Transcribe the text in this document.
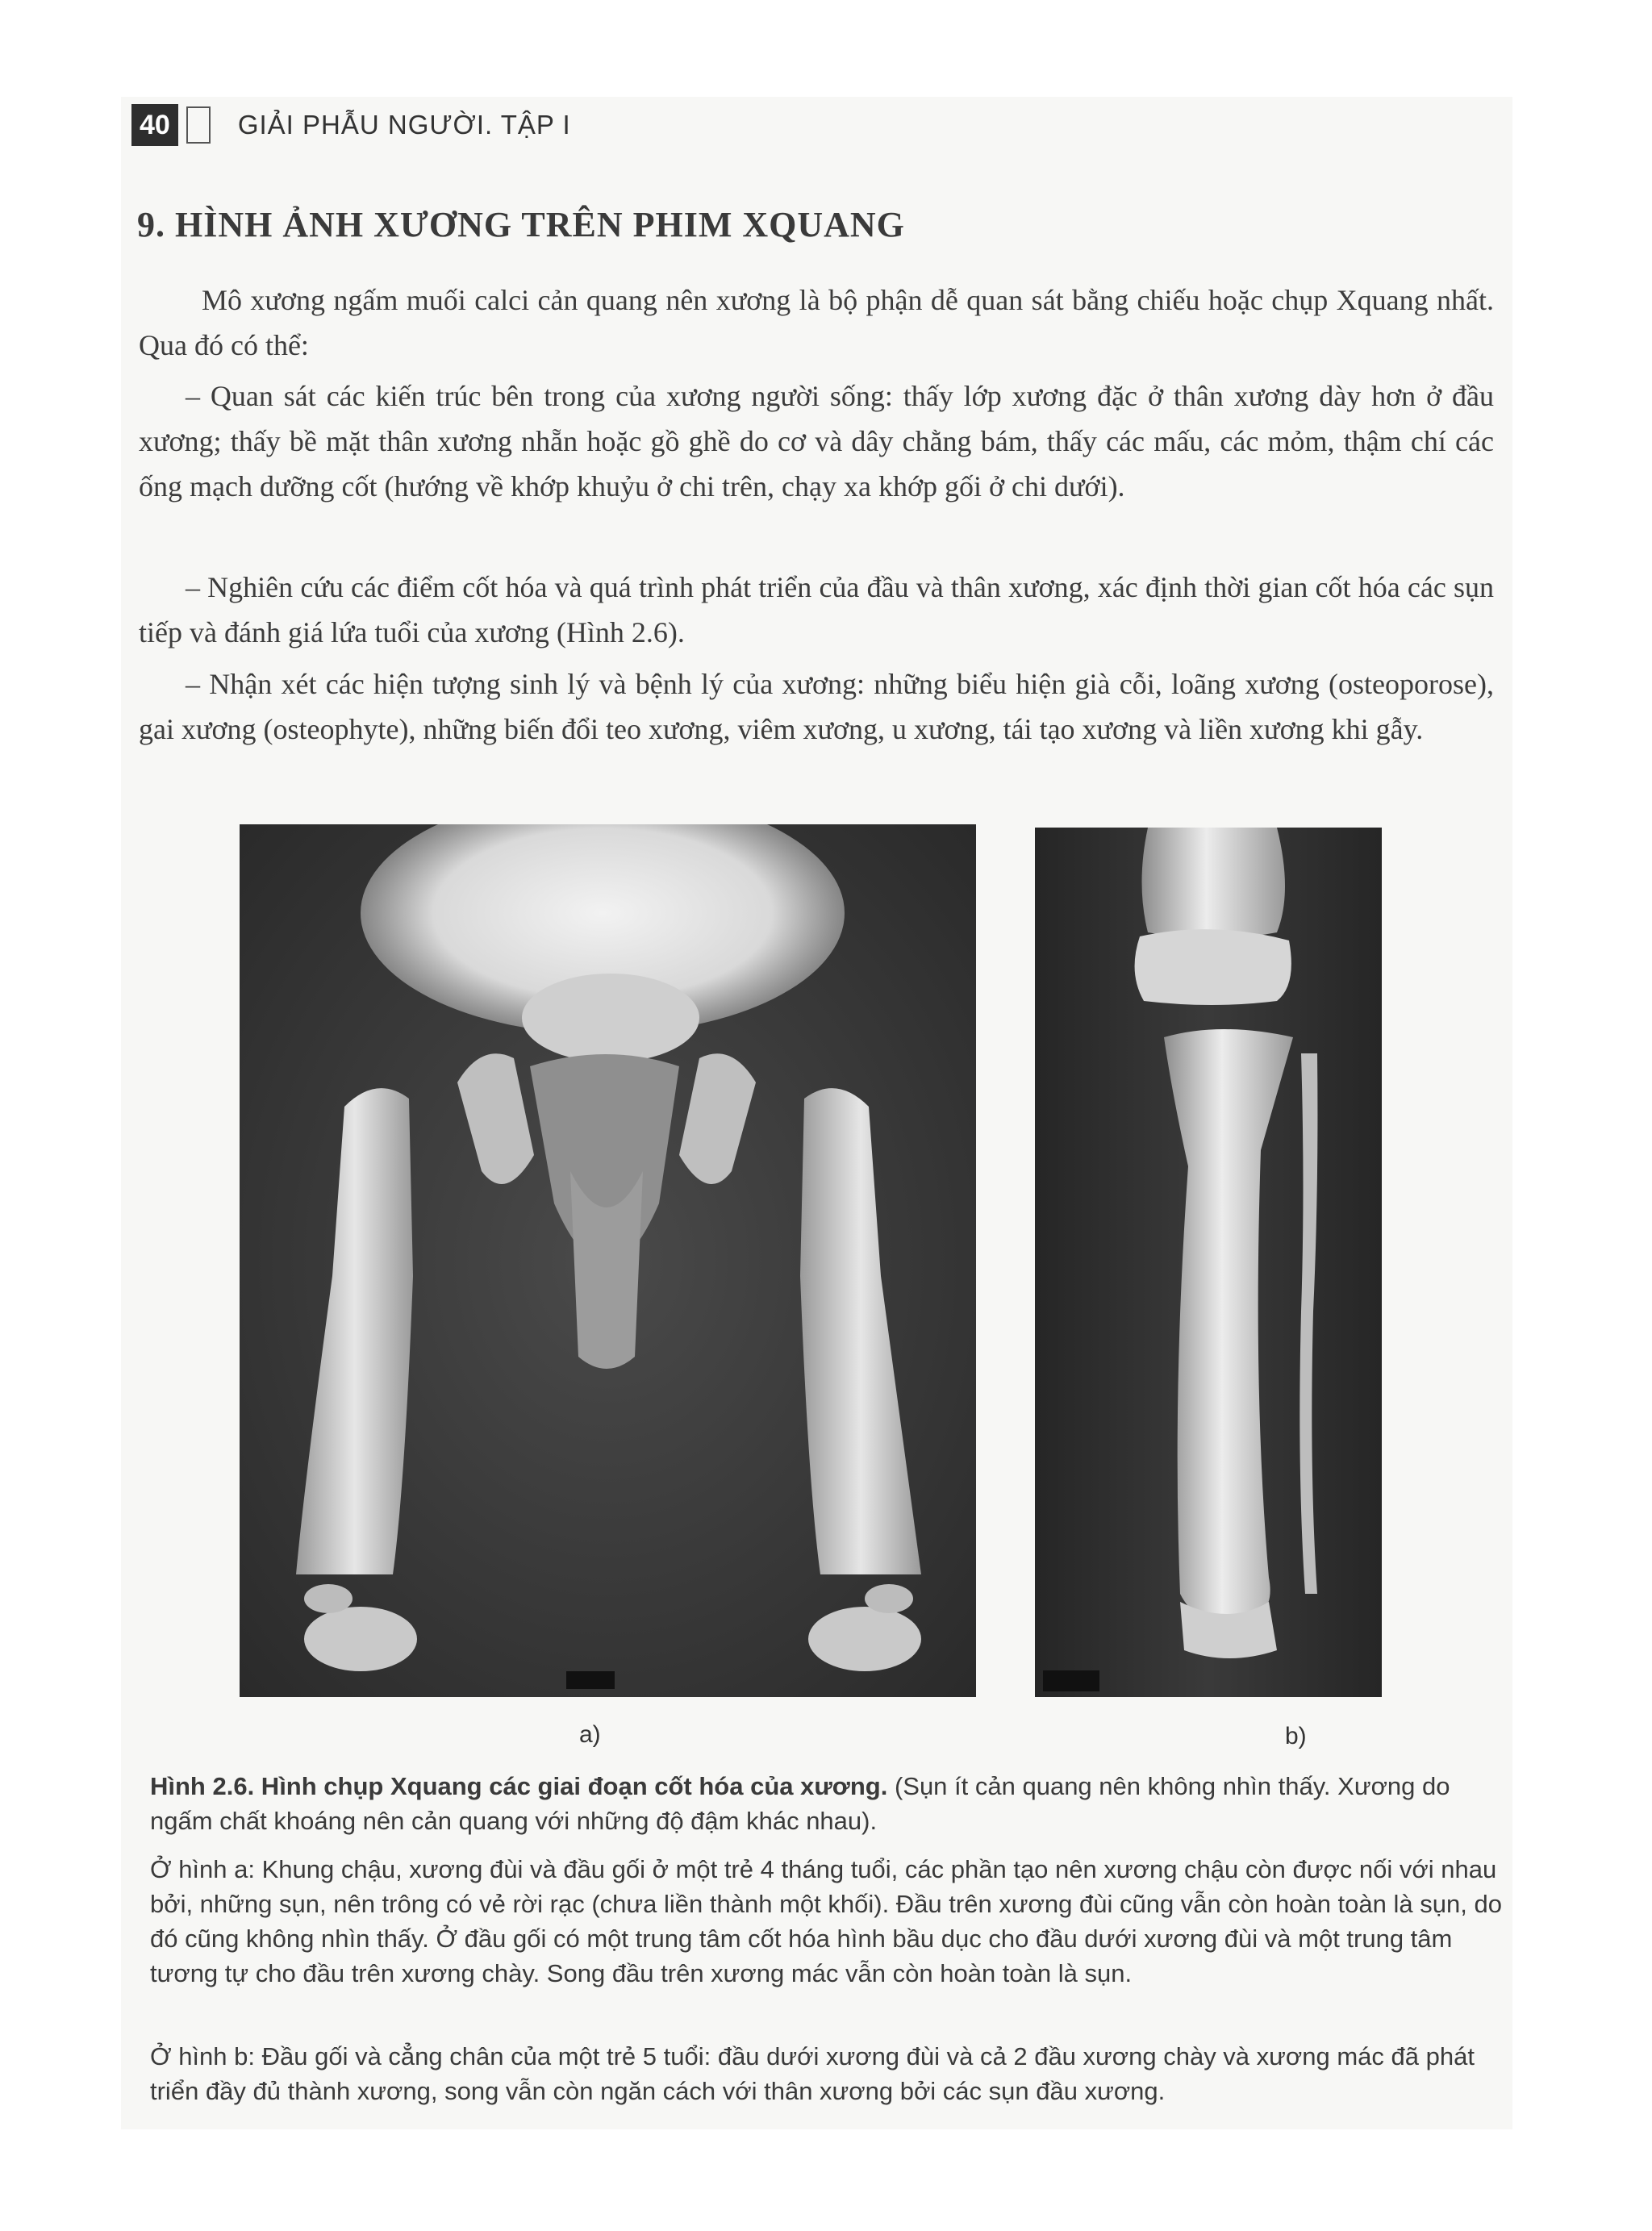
40	GIẢI PHẪU NGƯỜI. TẬP I
9. HÌNH ẢNH XƯƠNG TRÊN PHIM XQUANG

Mô xương ngấm muối calci cản quang nên xương là bộ phận dễ quan sát bằng chiếu hoặc chụp Xquang nhất. Qua đó có thể:

– Quan sát các kiến trúc bên trong của xương người sống: thấy lớp xương đặc ở thân xương dày hơn ở đầu xương; thấy bề mặt thân xương nhẵn hoặc gồ ghề do cơ và dây chằng bám, thấy các mấu, các mỏm, thậm chí các ống mạch dưỡng cốt (hướng về khớp khuỷu ở chi trên, chạy xa khớp gối ở chi dưới).

– Nghiên cứu các điểm cốt hóa và quá trình phát triển của đầu và thân xương, xác định thời gian cốt hóa các sụn tiếp và đánh giá lứa tuổi của xương (Hình 2.6).

– Nhận xét các hiện tượng sinh lý và bệnh lý của xương: những biểu hiện già cỗi, loãng xương (osteoporose), gai xương (osteophyte), những biến đổi teo xương, viêm xương, u xương, tái tạo xương và liền xương khi gẫy.

a)	b)

Hình 2.6. Hình chụp Xquang các giai đoạn cốt hóa của xương. (Sụn ít cản quang nên không nhìn thấy. Xương do ngấm chất khoáng nên cản quang với những độ đậm khác nhau).

Ở hình a: Khung chậu, xương đùi và đầu gối ở một trẻ 4 tháng tuổi, các phần tạo nên xương chậu còn được nối với nhau bởi, những sụn, nên trông có vẻ rời rạc (chưa liền thành một khối). Đầu trên xương đùi cũng vẫn còn hoàn toàn là sụn, do đó cũng không nhìn thấy. Ở đầu gối có một trung tâm cốt hóa hình bầu dục cho đầu dưới xương đùi và một trung tâm tương tự cho đầu trên xương chày. Song đầu trên xương mác vẫn còn hoàn toàn là sụn.

Ở hình b: Đầu gối và cẳng chân của một trẻ 5 tuổi: đầu dưới xương đùi và cả 2 đầu xương chày và xương mác đã phát triển đầy đủ thành xương, song vẫn còn ngăn cách với thân xương bởi các sụn đầu xương.
